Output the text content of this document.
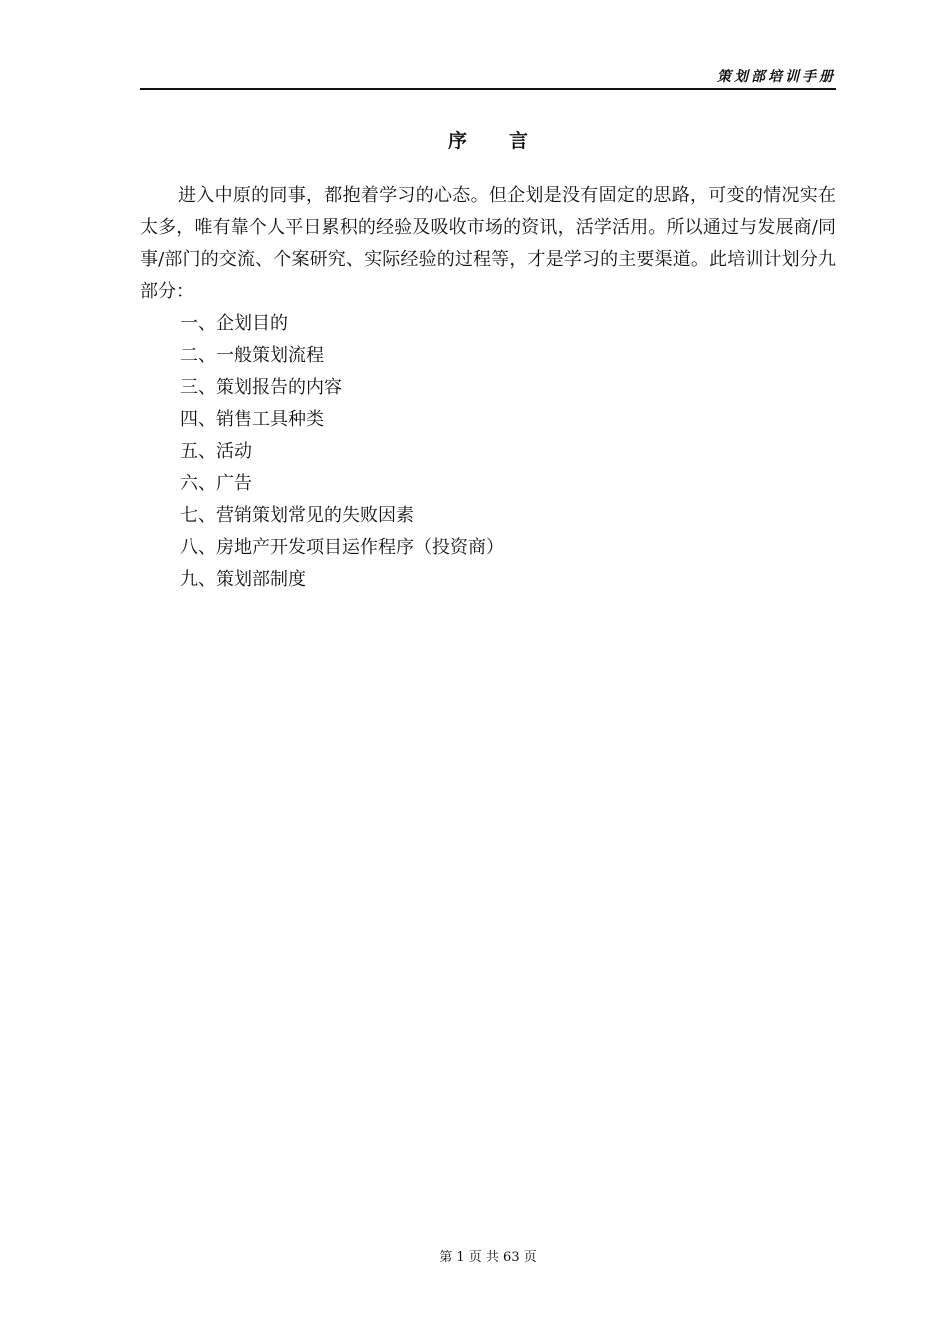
策划部培训手册
序言

进入中原的同事，都抱着学习的心态。但企划是没有固定的思路，可变的情况实在太多，唯有靠个人平日累积的经验及吸收市场的资讯，活学活用。所以通过与发展商/同事/部门的交流、个案研究、实际经验的过程等，才是学习的主要渠道。此培训计划分九部分：

一、企划目的
二、一般策划流程
三、策划报告的内容
四、销售工具种类
五、活动
六、广告
七、营销策划常见的失败因素
八、房地产开发项目运作程序（投资商）
九、策划部制度
第 1 页 共 63 页
